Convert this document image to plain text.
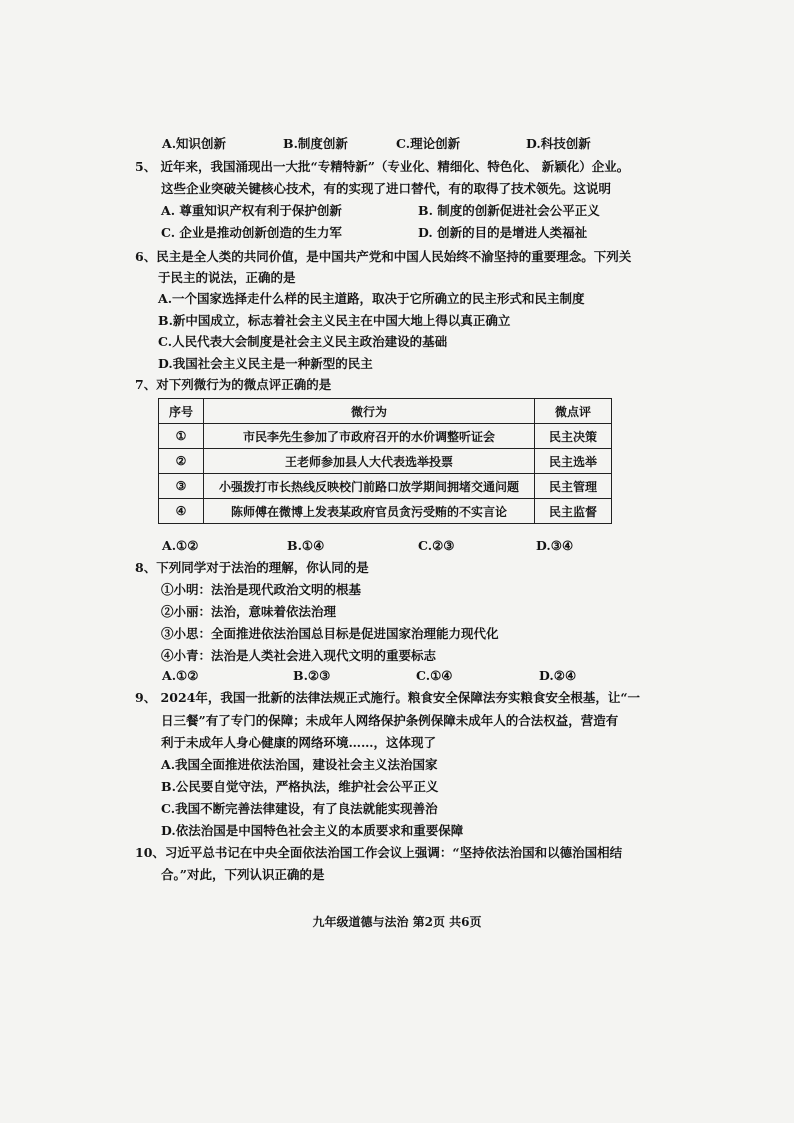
A.知识创新	B.制度创新	C.理论创新	D.科技创新
5、 近年来，我国涌现出一大批“专精特新”（专业化、精细化、特色化、 新颖化）企业。
这些企业突破关键核心技术，有的实现了进口替代，有的取得了技术领先。这说明
A. 尊重知识产权有利于保护创新	B. 制度的创新促进社会公平正义
C. 企业是推动创新创造的生力军	D. 创新的目的是增进人类福祉
6、民主是全人类的共同价值，是中国共产党和中国人民始终不渝坚持的重要理念。下列关
于民主的说法，正确的是
A.一个国家选择走什么样的民主道路，取决于它所确立的民主形式和民主制度
B.新中国成立，标志着社会主义民主在中国大地上得以真正确立
C.人民代表大会制度是社会主义民主政治建设的基础
D.我国社会主义民主是一种新型的民主
7、对下列微行为的微点评正确的是
序号	微行为	微点评
①	市民李先生参加了市政府召开的水价调整听证会	民主决策
②	王老师参加县人大代表选举投票	民主选举
③	小强拨打市长热线反映校门前路口放学期间拥堵交通问题	民主管理
④	陈师傅在微博上发表某政府官员贪污受贿的不实言论	民主监督
A.①②	B.①④	C.②③	D.③④
8、下列同学对于法治的理解，你认同的是
①小明：法治是现代政治文明的根基
②小丽：法治，意味着依法治理
③小思：全面推进依法治国总目标是促进国家治理能力现代化
④小青：法治是人类社会进入现代文明的重要标志
A.①②	B.②③	C.①④	D.②④
9、 2024年，我国一批新的法律法规正式施行。粮食安全保障法夯实粮食安全根基，让“一
日三餐”有了专门的保障；未成年人网络保护条例保障未成年人的合法权益，营造有
利于未成年人身心健康的网络环境……，这体现了
A.我国全面推进依法治国，建设社会主义法治国家
B.公民要自觉守法，严格执法，维护社会公平正义
C.我国不断完善法律建设，有了良法就能实现善治
D.依法治国是中国特色社会主义的本质要求和重要保障
10、习近平总书记在中央全面依法治国工作会议上强调：“坚持依法治国和以德治国相结
合。”对此，下列认识正确的是
九年级道德与法治 第2页 共6页
